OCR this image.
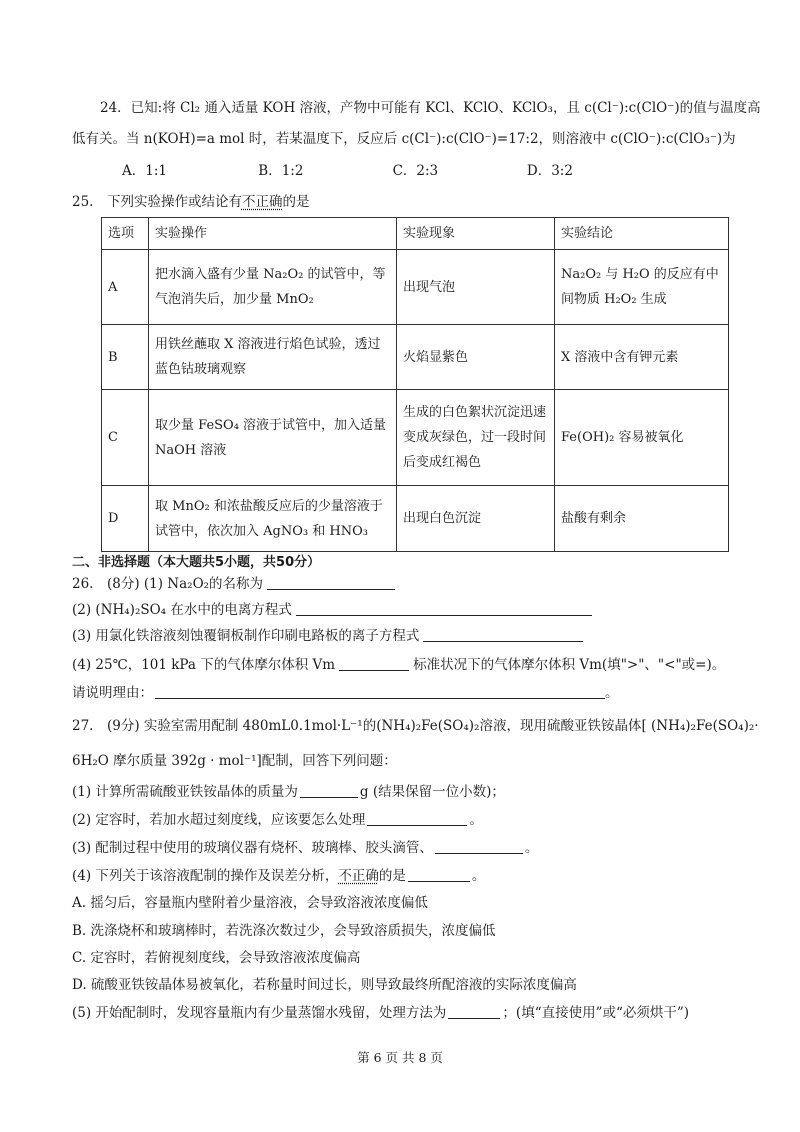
24．已知:将 Cl₂ 通入适量 KOH 溶液，产物中可能有 KCl、KClO、KClO₃，且 c(Cl⁻):c(ClO⁻)的值与温度高
低有关。当 n(KOH)=a mol 时，若某温度下，反应后 c(Cl⁻):c(ClO⁻)=17:2，则溶液中 c(ClO⁻):c(ClO₃⁻)为
A．1:1	B．1:2	C．2:3	D．3:2
25.　下列实验操作或结论有不正确的是
选项	实验操作	实验现象	实验结论
A	把水滴入盛有少量 Na₂O₂ 的试管中，等气泡消失后，加少量 MnO₂	出现气泡	Na₂O₂ 与 H₂O 的反应有中间物质 H₂O₂ 生成
B	用铁丝蘸取 X 溶液进行焰色试验，透过蓝色钴玻璃观察	火焰显紫色	X 溶液中含有钾元素
C	取少量 FeSO₄ 溶液于试管中，加入适量 NaOH 溶液	生成的白色絮状沉淀迅速变成灰绿色，过一段时间后变成红褐色	Fe(OH)₂ 容易被氧化
D	取 MnO₂ 和浓盐酸反应后的少量溶液于试管中，依次加入 AgNO₃ 和 HNO₃	出现白色沉淀	盐酸有剩余
二、非选择题（本大题共5小题，共50分）
26.　(8分) (1) Na₂O₂的名称为
(2) (NH₄)₂SO₄ 在水中的电离方程式
(3) 用氯化铁溶液刻蚀覆铜板制作印刷电路板的离子方程式
(4) 25℃，101 kPa 下的气体摩尔体积 Vm	标准状况下的气体摩尔体积 Vm(填">"、"<"或=)。
请说明理由：	。
27.　(9分) 实验室需用配制 480mL0.1mol·L⁻¹的(NH₄)₂Fe(SO₄)₂溶液，现用硫酸亚铁铵晶体[ (NH₄)₂Fe(SO₄)₂·
6H₂O 摩尔质量 392g · mol⁻¹]配制，回答下列问题：
(1) 计算所需硫酸亚铁铵晶体的质量为	g (结果保留一位小数)；
(2) 定容时，若加水超过刻度线，应该要怎么处理	。
(3) 配制过程中使用的玻璃仪器有烧杯、玻璃棒、胶头滴管、	。
(4) 下列关于该溶液配制的操作及误差分析，不正确的是	。
A. 摇匀后，容量瓶内壁附着少量溶液，会导致溶液浓度偏低
B. 洗涤烧杯和玻璃棒时，若洗涤次数过少，会导致溶质损失，浓度偏低
C. 定容时，若俯视刻度线，会导致溶液浓度偏高
D. 硫酸亚铁铵晶体易被氧化，若称量时间过长，则导致最终所配溶液的实际浓度偏高
(5) 开始配制时，发现容量瓶内有少量蒸馏水残留，处理方法为	；(填“直接使用”或“必须烘干”)
第 6 页 共 8 页
